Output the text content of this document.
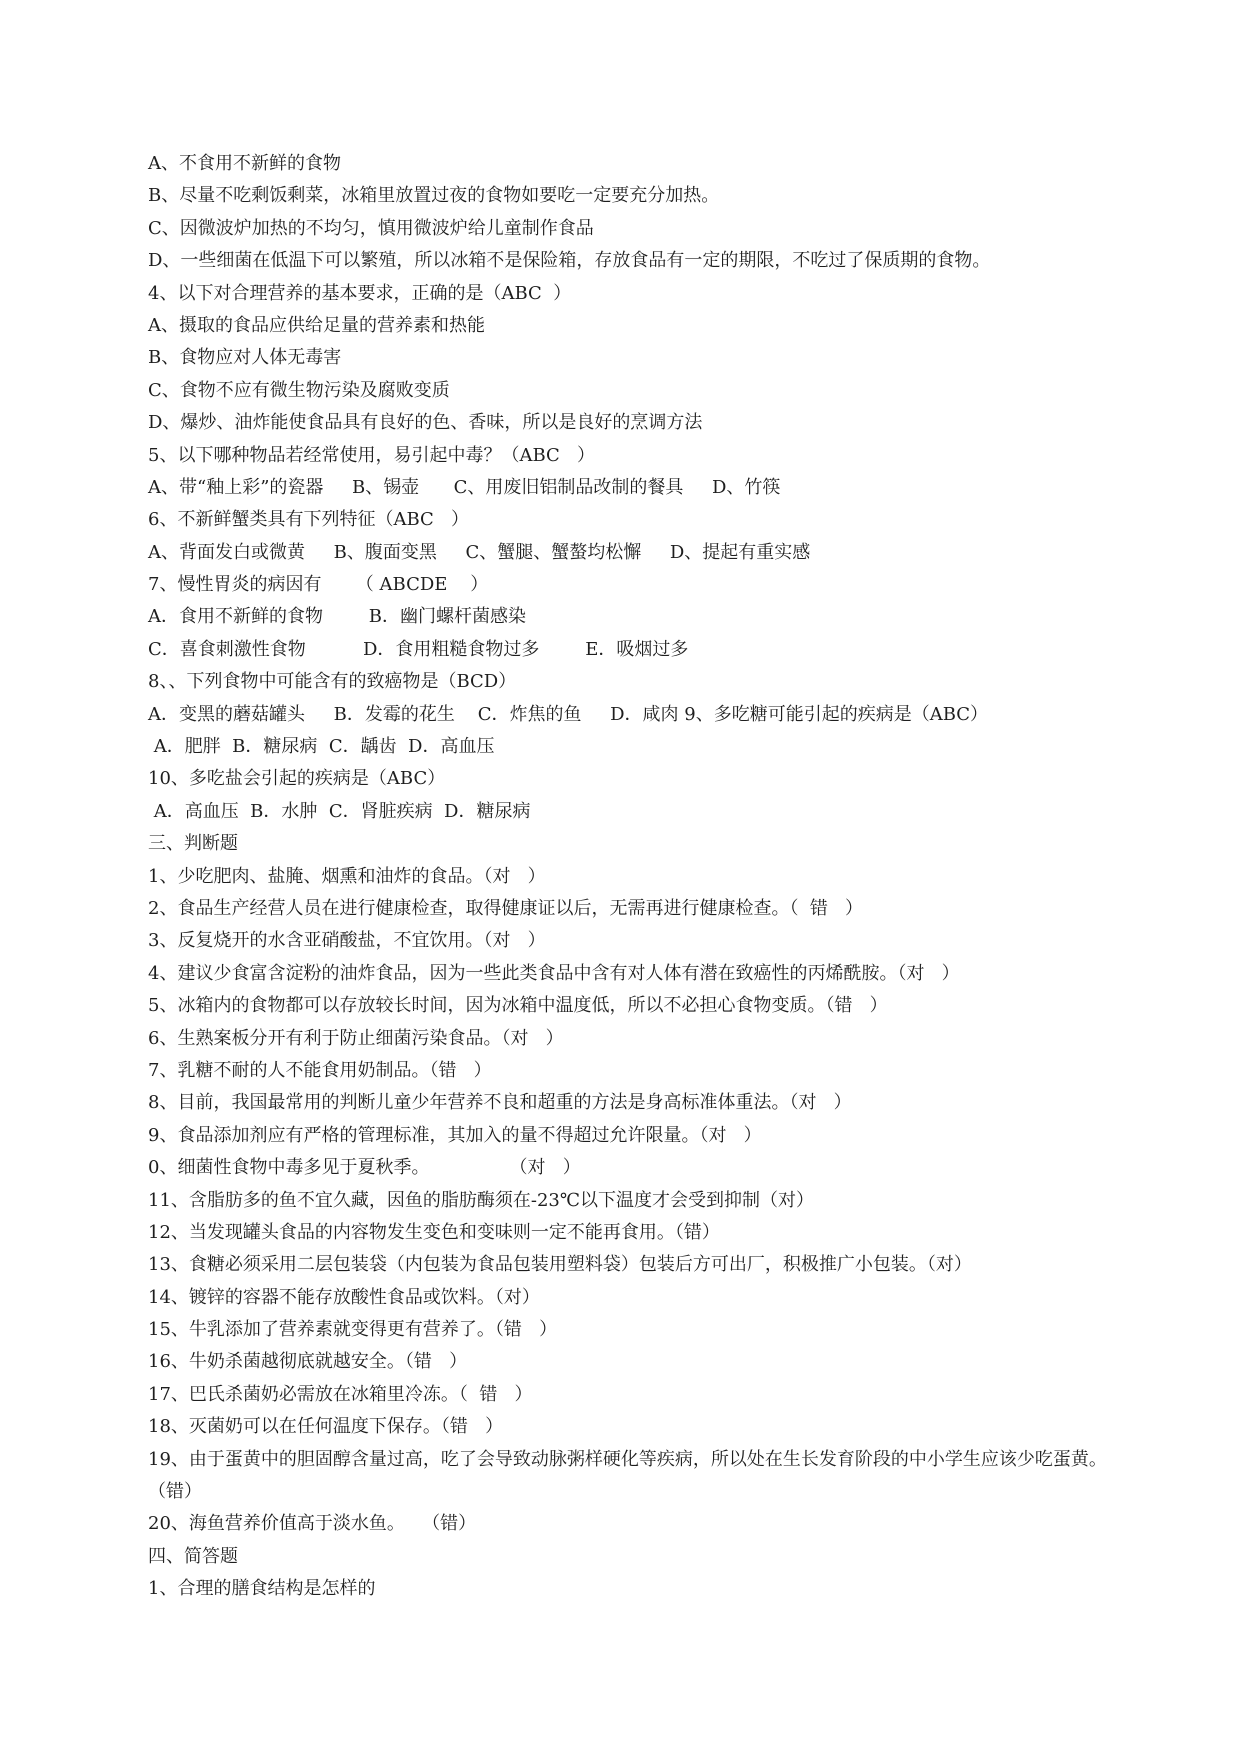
A、不食用不新鲜的食物
B、尽量不吃剩饭剩菜，冰箱里放置过夜的食物如要吃一定要充分加热。
C、因微波炉加热的不均匀，慎用微波炉给儿童制作食品
D、一些细菌在低温下可以繁殖，所以冰箱不是保险箱，存放食品有一定的期限，不吃过了保质期的食物。
4、以下对合理营养的基本要求，正确的是（ABC  ）
A、摄取的食品应供给足量的营养素和热能
B、食物应对人体无毒害
C、食物不应有微生物污染及腐败变质
D、爆炒、油炸能使食品具有良好的色、香味，所以是良好的烹调方法
5、以下哪种物品若经常使用，易引起中毒？（ABC   ）
A、带“釉上彩”的瓷器     B、锡壶      C、用废旧铝制品改制的餐具     D、竹筷
6、不新鲜蟹类具有下列特征（ABC   ）
A、背面发白或微黄     B、腹面变黑     C、蟹腿、蟹螯均松懈     D、提起有重实感
7、慢性胃炎的病因有      （ ABCDE    ）
A．食用不新鲜的食物        B．幽门螺杆菌感染
C．喜食刺激性食物          D．食用粗糙食物过多        E．吸烟过多
8、、下列食物中可能含有的致癌物是（BCD）
A．变黑的蘑菇罐头     B．发霉的花生    C．炸焦的鱼     D．咸肉 9、多吃糖可能引起的疾病是（ABC）
A．肥胖  B．糖尿病  C．龋齿  D．高血压
10、多吃盐会引起的疾病是（ABC）
A．高血压  B．水肿  C．肾脏疾病  D．糖尿病
三、判断题
1、少吃肥肉、盐腌、烟熏和油炸的食品。（对   ）
2、食品生产经营人员在进行健康检查，取得健康证以后，无需再进行健康检查。（  错   ）
3、反复烧开的水含亚硝酸盐，不宜饮用。（对   ）
4、建议少食富含淀粉的油炸食品，因为一些此类食品中含有对人体有潜在致癌性的丙烯酰胺。（对   ）
5、冰箱内的食物都可以存放较长时间，因为冰箱中温度低，所以不必担心食物变质。（错   ）
6、生熟案板分开有利于防止细菌污染食品。（对   ）
7、乳糖不耐的人不能食用奶制品。（错   ）
8、目前，我国最常用的判断儿童少年营养不良和超重的方法是身高标准体重法。（对   ）
9、食品添加剂应有严格的管理标准，其加入的量不得超过允许限量。（对   ）
0、细菌性食物中毒多见于夏秋季。              （对   ）
11、含脂肪多的鱼不宜久藏，因鱼的脂肪酶须在-23℃以下温度才会受到抑制（对）
12、当发现罐头食品的内容物发生变色和变味则一定不能再食用。（错）
13、食糖必须采用二层包装袋（内包装为食品包装用塑料袋）包装后方可出厂，积极推广小包装。（对）
14、镀锌的容器不能存放酸性食品或饮料。（对）
15、牛乳添加了营养素就变得更有营养了。（错   ）
16、牛奶杀菌越彻底就越安全。（错   ）
17、巴氏杀菌奶必需放在冰箱里冷冻。（  错   ）
18、灭菌奶可以在任何温度下保存。（错   ）
19、由于蛋黄中的胆固醇含量过高，吃了会导致动脉粥样硬化等疾病，所以处在生长发育阶段的中小学生应该少吃蛋黄。   （错）
20、海鱼营养价值高于淡水鱼。   （错）
四、简答题
1、合理的膳食结构是怎样的
